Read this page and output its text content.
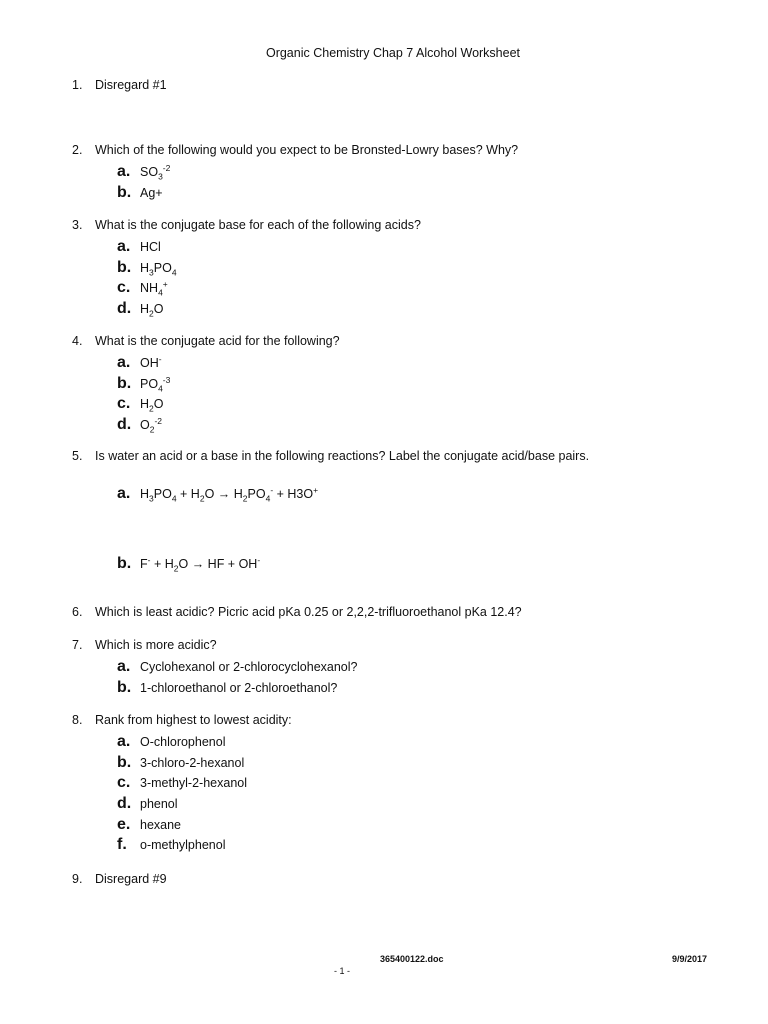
Organic Chemistry Chap 7 Alcohol Worksheet
1.	Disregard #1
2.	Which of the following would you expect to be Bronsted-Lowry bases? Why?
a. $SO_3^{-2}$
b. Ag+
3.	What is the conjugate base for each of the following acids?
a. HCl
b. $H_3PO_4$
c. $NH_4^+$
d. $H_2O$
4.	What is the conjugate acid for the following?
a. OH-
b. $PO_4^{-3}$
c. $H_2O$
d. $O_2^{-2}$
5.	Is water an acid or a base in the following reactions? Label the conjugate acid/base pairs.
a. $H_3PO_4 + H_2O \to H_2PO_4^- + H3O^+$
b. $F^- + H_2O$ → HF + OH-
6.	Which is least acidic? Picric acid pKa 0.25 or 2,2,2-trifluoroethanol pKa 12.4?
7.	Which is more acidic?
a. Cyclohexanol or 2-chlorocyclohexanol?
b. 1-chloroethanol or 2-chloroethanol?
8.	Rank from highest to lowest acidity:
a. O-chlorophenol
b. 3-chloro-2-hexanol
c. 3-methyl-2-hexanol
d. phenol
e. hexane
f.	o-methylphenol
9.	Disregard #9
365400122.doc	9/9/2017
- 1 -
